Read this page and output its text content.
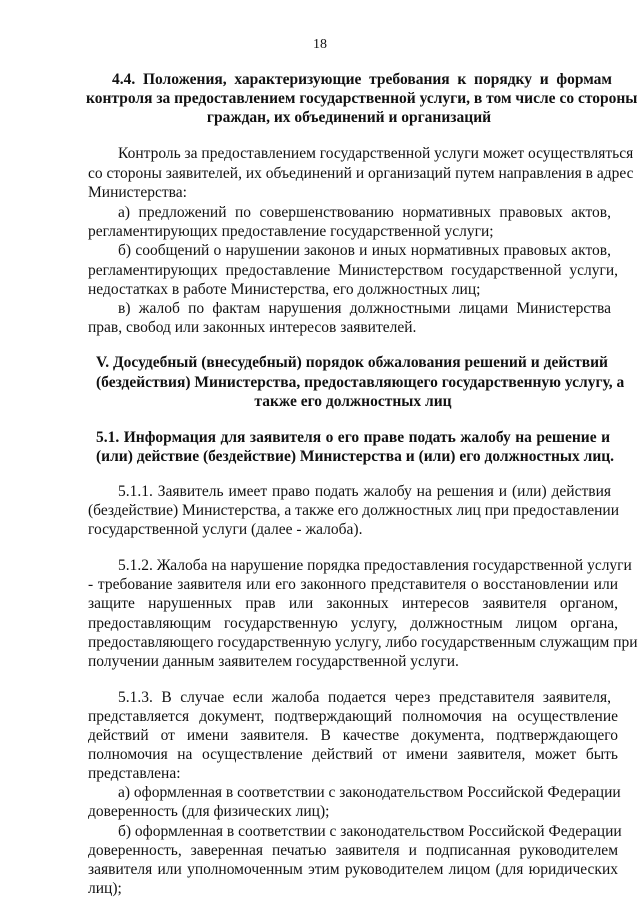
18
4.4. Положения, характеризующие требования к порядку и формам
контроля за предоставлением государственной услуги, в том числе со стороны
граждан, их объединений и организаций
Контроль за предоставлением государственной услуги может осуществляться
со стороны заявителей, их объединений и организаций путем направления в адрес
Министерства:
а) предложений по совершенствованию нормативных правовых актов,
регламентирующих предоставление государственной услуги;
б) сообщений о нарушении законов и иных нормативных правовых актов,
регламентирующих предоставление Министерством государственной услуги,
недостатках в работе Министерства, его должностных лиц;
в) жалоб по фактам нарушения должностными лицами Министерства
прав, свобод или законных интересов заявителей.
V. Досудебный (внесудебный) порядок обжалования решений и действий
(бездействия) Министерства, предоставляющего государственную услугу, а
также его должностных лиц
5.1. Информация для заявителя о его праве подать жалобу на решение и
(или) действие (бездействие) Министерства и (или) его должностных лиц.
5.1.1. Заявитель имеет право подать жалобу на решения и (или) действия
(бездействие) Министерства, а также его должностных лиц при предоставлении
государственной услуги (далее - жалоба).
5.1.2. Жалоба на нарушение порядка предоставления государственной услуги
- требование заявителя или его законного представителя о восстановлении или
защите нарушенных прав или законных интересов заявителя органом,
предоставляющим государственную услугу, должностным лицом органа,
предоставляющего государственную услугу, либо государственным служащим при
получении данным заявителем государственной услуги.
5.1.3. В случае если жалоба подается через представителя заявителя,
представляется документ, подтверждающий полномочия на осуществление
действий от имени заявителя. В качестве документа, подтверждающего
полномочия на осуществление действий от имени заявителя, может быть
представлена:
а) оформленная в соответствии с законодательством Российской Федерации
доверенность (для физических лиц);
б) оформленная в соответствии с законодательством Российской Федерации
доверенность, заверенная печатью заявителя и подписанная руководителем
заявителя или уполномоченным этим руководителем лицом (для юридических
лиц);
